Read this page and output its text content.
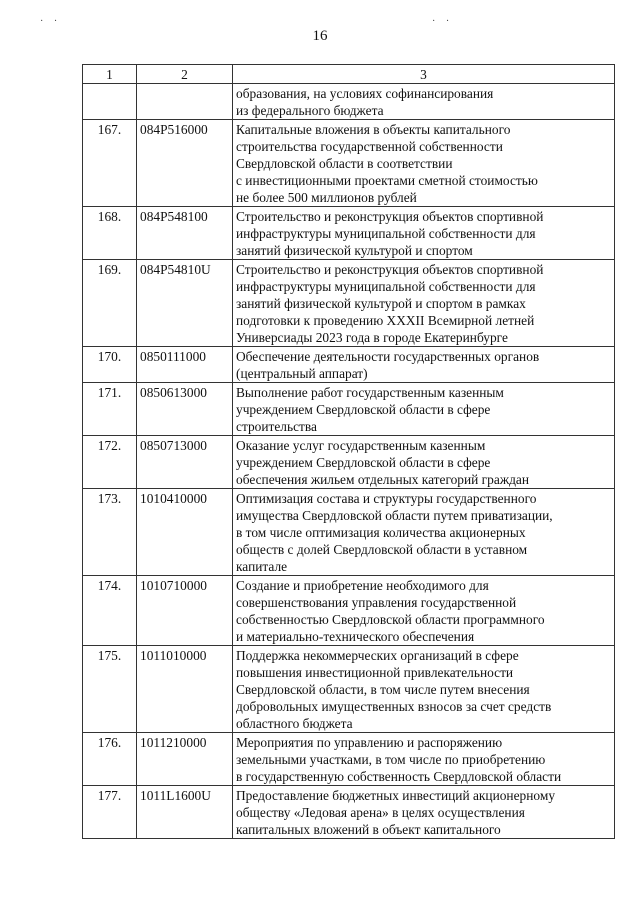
· ·	· ·
16
1	2	3

		образования, на условиях софинансирования
из федерального бюджета

167.	084P516000	Капитальные вложения в объекты капитального
строительства государственной собственности
Свердловской области в соответствии
с инвестиционными проектами сметной стоимостью
не более 500 миллионов рублей

168.	084P548100	Строительство и реконструкция объектов спортивной
инфраструктуры муниципальной собственности для
занятий физической культурой и спортом

169.	084P54810U	Строительство и реконструкция объектов спортивной
инфраструктуры муниципальной собственности для
занятий физической культурой и спортом в рамках
подготовки к проведению XXXII Всемирной летней
Универсиады 2023 года в городе Екатеринбурге

170.	0850111000	Обеспечение деятельности государственных органов
(центральный аппарат)

171.	0850613000	Выполнение работ государственным казенным
учреждением Свердловской области в сфере
строительства

172.	0850713000	Оказание услуг государственным казенным
учреждением Свердловской области в сфере
обеспечения жильем отдельных категорий граждан

173.	1010410000	Оптимизация состава и структуры государственного
имущества Свердловской области путем приватизации,
в том числе оптимизация количества акционерных
обществ с долей Свердловской области в уставном
капитале

174.	1010710000	Создание и приобретение необходимого для
совершенствования управления государственной
собственностью Свердловской области программного
и материально-технического обеспечения

175.	1011010000	Поддержка некоммерческих организаций в сфере
повышения инвестиционной привлекательности
Свердловской области, в том числе путем внесения
добровольных имущественных взносов за счет средств
областного бюджета

176.	1011210000	Мероприятия по управлению и распоряжению
земельными участками, в том числе по приобретению
в государственную собственность Свердловской области

177.	1011L1600U	Предоставление бюджетных инвестиций акционерному
обществу «Ледовая арена» в целях осуществления
капитальных вложений в объект капитального
